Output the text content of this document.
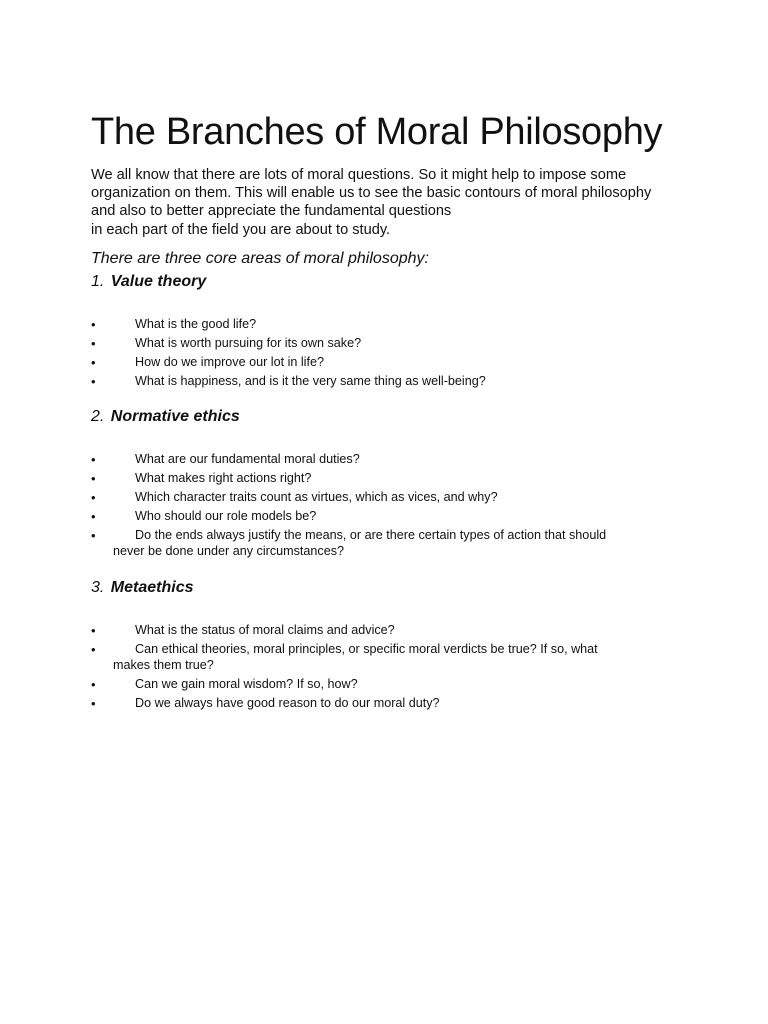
The Branches of Moral Philosophy
We all know that there are lots of moral questions. So it might help to impose some
organization on them. This will enable us to see the basic contours of moral philosophy
and also to better appreciate the fundamental questions
in each part of the field you are about to study.
There are three core areas of moral philosophy:
1. Value theory
•	What is the good life?
•	What is worth pursuing for its own sake?
•	How do we improve our lot in life?
•	What is happiness, and is it the very same thing as well-being?
2. Normative ethics
•	What are our fundamental moral duties?
•	What makes right actions right?
•	Which character traits count as virtues, which as vices, and why?
•	Who should our role models be?
•	Do the ends always justify the means, or are there certain types of action that should
never be done under any circumstances?
3. Metaethics
•	What is the status of moral claims and advice?
•	Can ethical theories, moral principles, or specific moral verdicts be true? If so, what
makes them true?
•	Can we gain moral wisdom? If so, how?
•	Do we always have good reason to do our moral duty?
